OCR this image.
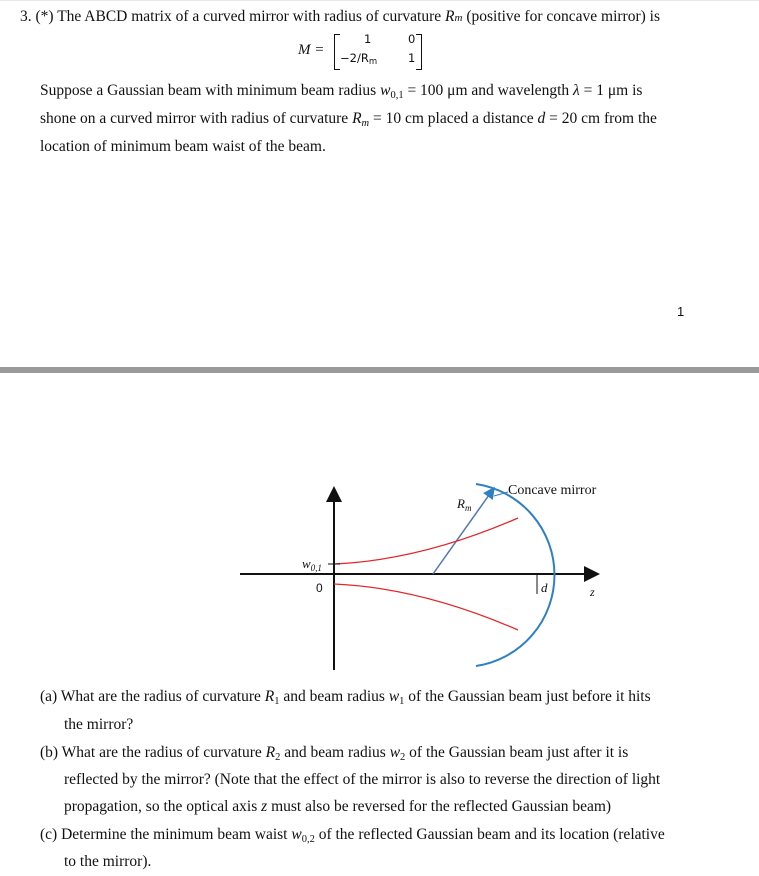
3. (*) The ABCD matrix of a curved mirror with radius of curvature Rm (positive for concave mirror) is
M =
1	0
−2/Rm	1
Suppose a Gaussian beam with minimum beam radius w0,1 = 100 μm and wavelength λ = 1 μm is
shone on a curved mirror with radius of curvature Rm = 10 cm placed a distance d = 20 cm from the
location of minimum beam waist of the beam.
1
Concave mirror
$R_m$
$w_{0,1}$
0	d	z
(a) What are the radius of curvature R1 and beam radius w1 of the Gaussian beam just before it hits
the mirror?
(b) What are the radius of curvature R2 and beam radius w2 of the Gaussian beam just after it is
reflected by the mirror? (Note that the effect of the mirror is also to reverse the direction of light
propagation, so the optical axis z must also be reversed for the reflected Gaussian beam)
(c) Determine the minimum beam waist w0,2 of the reflected Gaussian beam and its location (relative
to the mirror).
